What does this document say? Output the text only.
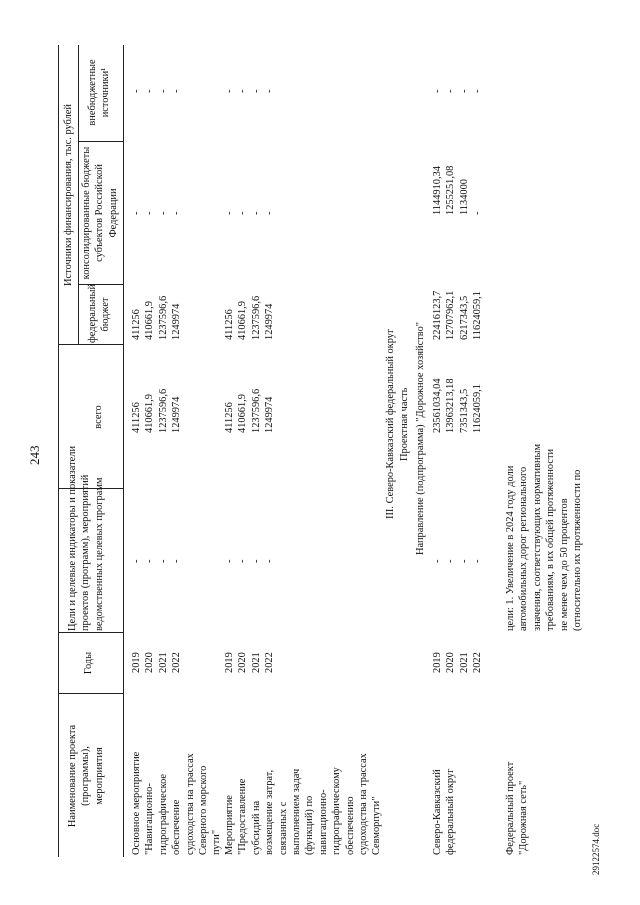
243
Наименование проекта (программы), мероприятия
Годы
Цели и целевые индикаторы и показатели проектов (программ), мероприятий ведомственных целевых программ
Источники финансирования, тыс. рублей
всего
федеральный бюджет
консолидированные бюджеты субъектов Российской Федерации
внебюджетные источники¹
Основное мероприятие "Навигационно- гидрографическое обеспечение судоходства на трассах Северного морского пути"
2019 2020 2021 2022
- - - -
411256 410661,9 1237596,6 1249974
411256 410661,9 1237596,6 1249974
- - - -
- - - -
Мероприятие "Предоставление субсидий на возмещение затрат, связанных с выполнением задач (функций) по навигационно- гидрографическому обеспечению судоходства на трассах Севморпути"
2019 2020 2021 2022
- - - -
411256 410661,9 1237596,6 1249974
411256 410661,9 1237596,6 1249974
- - - -
- - - -
III. Северо-Кавказский федеральный округ Проектная часть Направление (подпрограмма) "Дорожное хозяйство"
Северо-Кавказский федеральный округ
2019 2020 2021 2022
- - - -
23561034,04 13963213,18 7351343,5 11624059,1
22416123,7 12707962,1 6217343,5 11624059,1
1144910,34 1255251,08 1134000 -
- - - -
Федеральный проект "Дорожная сеть"
цели: 1. Увеличение в 2024 году доли автомобильных дорог регионального значения, соответствующих нормативным требованиям, в их общей протяженности не менее чем до 50 процентов (относительно их протяженности по
29122574.doc
